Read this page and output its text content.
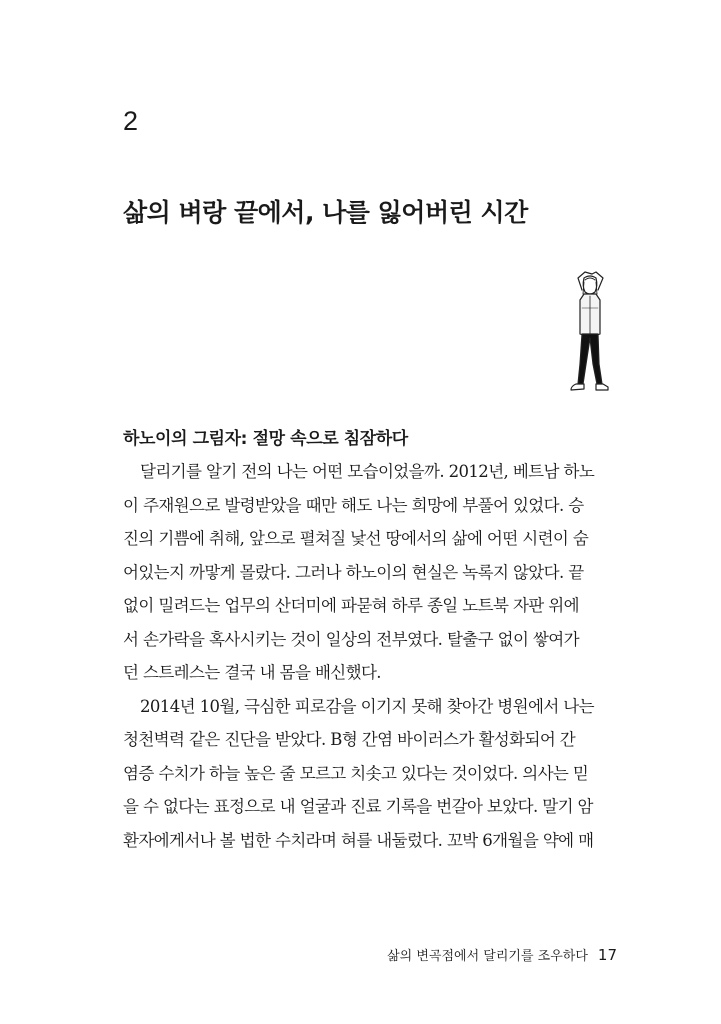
2
삶의 벼랑 끝에서, 나를 잃어버린 시간
하노이의 그림자: 절망 속으로 침잠하다
달리기를 알기 전의 나는 어떤 모습이었을까. 2012년, 베트남 하노
이 주재원으로 발령받았을 때만 해도 나는 희망에 부풀어 있었다. 승
진의 기쁨에 취해, 앞으로 펼쳐질 낯선 땅에서의 삶에 어떤 시련이 숨
어있는지 까맣게 몰랐다. 그러나 하노이의 현실은 녹록지 않았다. 끝
없이 밀려드는 업무의 산더미에 파묻혀 하루 종일 노트북 자판 위에
서 손가락을 혹사시키는 것이 일상의 전부였다. 탈출구 없이 쌓여가
던 스트레스는 결국 내 몸을 배신했다.
2014년 10월, 극심한 피로감을 이기지 못해 찾아간 병원에서 나는
청천벽력 같은 진단을 받았다. B형 간염 바이러스가 활성화되어 간
염증 수치가 하늘 높은 줄 모르고 치솟고 있다는 것이었다. 의사는 믿
을 수 없다는 표정으로 내 얼굴과 진료 기록을 번갈아 보았다. 말기 암
환자에게서나 볼 법한 수치라며 혀를 내둘렀다. 꼬박 6개월을 약에 매
삶의 변곡점에서 달리기를 조우하다 17
